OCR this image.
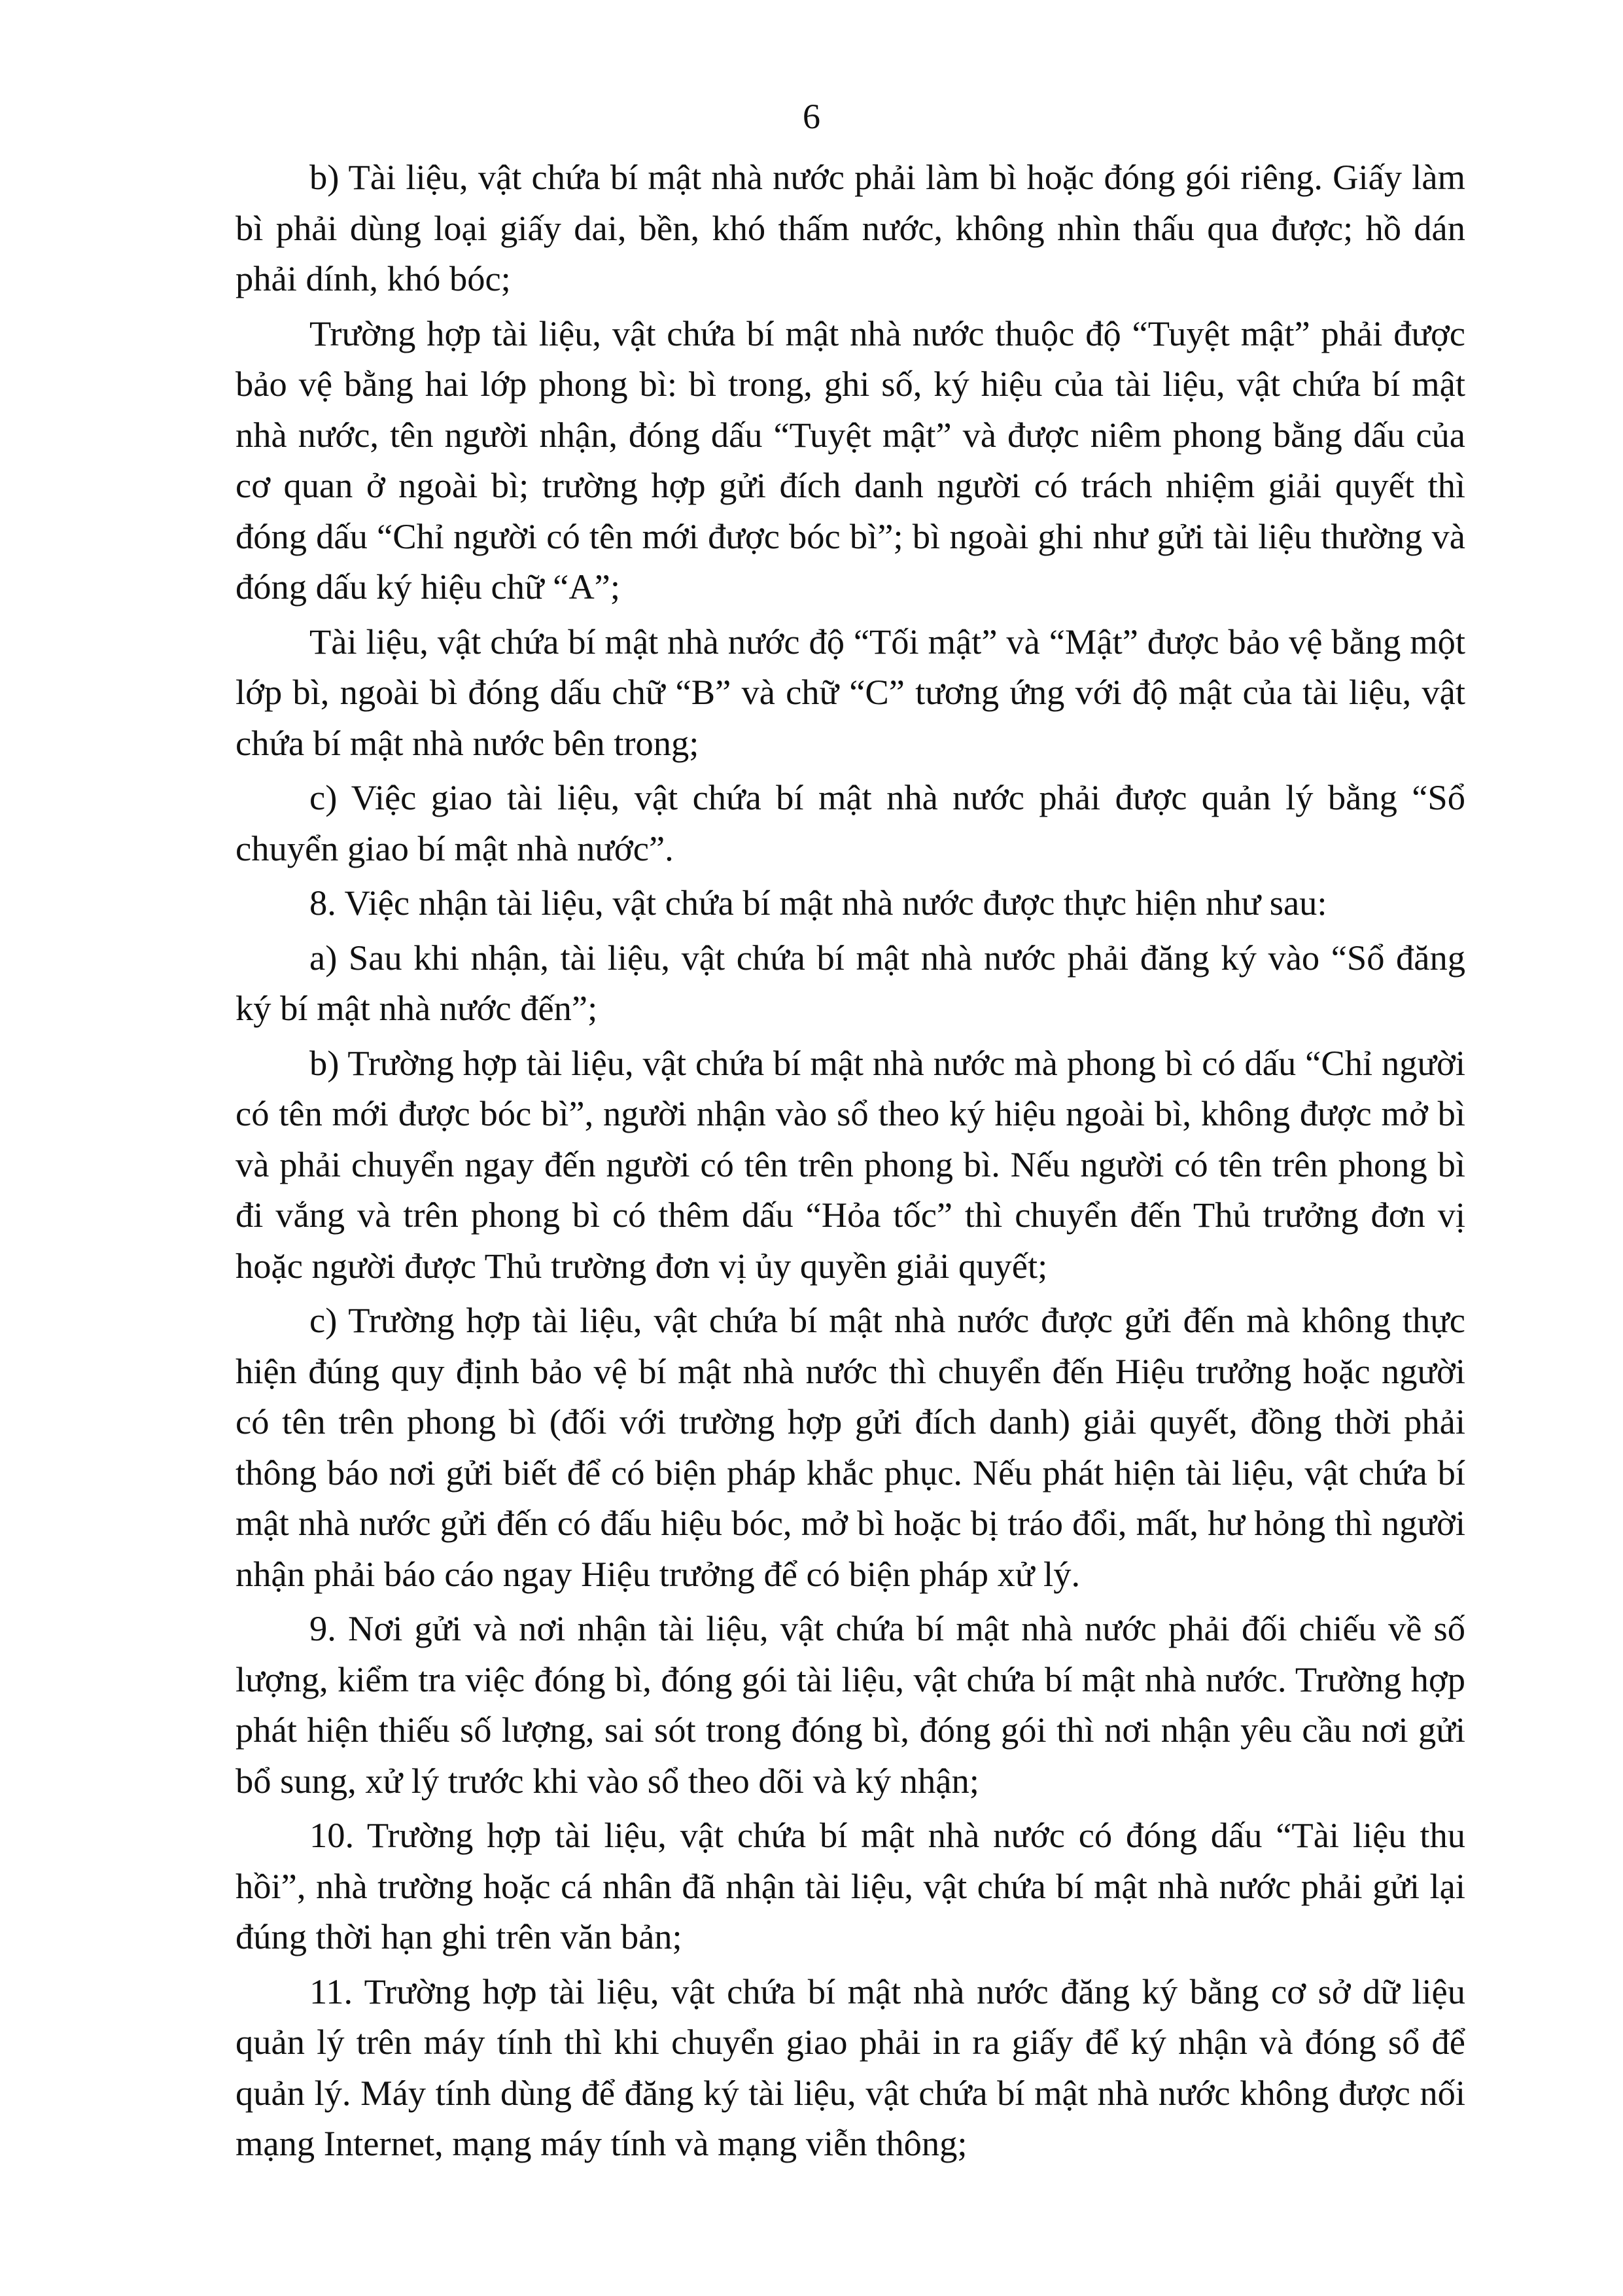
6

b) Tài liệu, vật chứa bí mật nhà nước phải làm bì hoặc đóng gói riêng. Giấy làm bì phải dùng loại giấy dai, bền, khó thấm nước, không nhìn thấu qua được; hồ dán phải dính, khó bóc;

Trường hợp tài liệu, vật chứa bí mật nhà nước thuộc độ “Tuyệt mật” phải được bảo vệ bằng hai lớp phong bì: bì trong, ghi số, ký hiệu của tài liệu, vật chứa bí mật nhà nước, tên người nhận, đóng dấu “Tuyệt mật” và được niêm phong bằng dấu của cơ quan ở ngoài bì; trường hợp gửi đích danh người có trách nhiệm giải quyết thì đóng dấu “Chỉ người có tên mới được bóc bì”; bì ngoài ghi như gửi tài liệu thường và đóng dấu ký hiệu chữ “A”;

Tài liệu, vật chứa bí mật nhà nước độ “Tối mật” và “Mật” được bảo vệ bằng một lớp bì, ngoài bì đóng dấu chữ “B” và chữ “C” tương ứng với độ mật của tài liệu, vật chứa bí mật nhà nước bên trong;

c) Việc giao tài liệu, vật chứa bí mật nhà nước phải được quản lý bằng “Sổ chuyển giao bí mật nhà nước”.

8. Việc nhận tài liệu, vật chứa bí mật nhà nước được thực hiện như sau:

a) Sau khi nhận, tài liệu, vật chứa bí mật nhà nước phải đăng ký vào “Sổ đăng ký bí mật nhà nước đến”;

b) Trường hợp tài liệu, vật chứa bí mật nhà nước mà phong bì có dấu “Chỉ người có tên mới được bóc bì”, người nhận vào sổ theo ký hiệu ngoài bì, không được mở bì và phải chuyển ngay đến người có tên trên phong bì. Nếu người có tên trên phong bì đi vắng và trên phong bì có thêm dấu “Hỏa tốc” thì chuyển đến Thủ trưởng đơn vị hoặc người được Thủ trường đơn vị ủy quyền giải quyết;

c) Trường hợp tài liệu, vật chứa bí mật nhà nước được gửi đến mà không thực hiện đúng quy định bảo vệ bí mật nhà nước thì chuyển đến Hiệu trưởng hoặc người có tên trên phong bì (đối với trường hợp gửi đích danh) giải quyết, đồng thời phải thông báo nơi gửi biết để có biện pháp khắc phục. Nếu phát hiện tài liệu, vật chứa bí mật nhà nước gửi đến có đấu hiệu bóc, mở bì hoặc bị tráo đổi, mất, hư hỏng thì người nhận phải báo cáo ngay Hiệu trưởng để có biện pháp xử lý.

9. Nơi gửi và nơi nhận tài liệu, vật chứa bí mật nhà nước phải đối chiếu về số lượng, kiểm tra việc đóng bì, đóng gói tài liệu, vật chứa bí mật nhà nước. Trường hợp phát hiện thiếu số lượng, sai sót trong đóng bì, đóng gói thì nơi nhận yêu cầu nơi gửi bổ sung, xử lý trước khi vào sổ theo dõi và ký nhận;

10. Trường hợp tài liệu, vật chứa bí mật nhà nước có đóng dấu “Tài liệu thu hồi”, nhà trường hoặc cá nhân đã nhận tài liệu, vật chứa bí mật nhà nước phải gửi lại đúng thời hạn ghi trên văn bản;

11. Trường hợp tài liệu, vật chứa bí mật nhà nước đăng ký bằng cơ sở dữ liệu quản lý trên máy tính thì khi chuyển giao phải in ra giấy để ký nhận và đóng sổ để quản lý. Máy tính dùng để đăng ký tài liệu, vật chứa bí mật nhà nước không được nối mạng Internet, mạng máy tính và mạng viễn thông;
